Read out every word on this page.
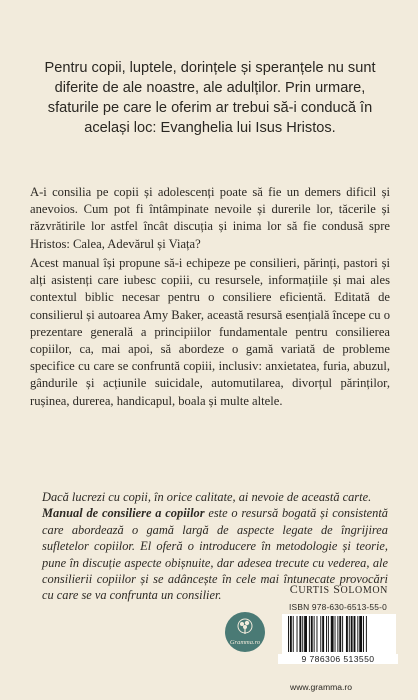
Pentru copii, luptele, dorințele și speranțele nu sunt diferite de ale noastre, ale adulților. Prin urmare, sfaturile pe care le oferim ar trebui să-i conducă în același loc: Evanghelia lui Isus Hristos.
A-i consilia pe copii și adolescenți poate să fie un demers dificil și anevoios. Cum pot fi întâmpinate nevoile și durerile lor, tăcerile și răzvrătirile lor astfel încât discuția și inima lor să fie condusă spre Hristos: Calea, Adevărul și Viața?
Acest manual își propune să-i echipeze pe consilieri, părinți, pastori și alți asistenți care iubesc copiii, cu resursele, informațiile și mai ales contextul biblic necesar pentru o consiliere eficientă. Editată de consilierul și autoarea Amy Baker, această resursă esențială începe cu o prezentare generală a principiilor fundamentale pentru consilierea copiilor, ca, mai apoi, să abordeze o gamă variată de probleme specifice cu care se confruntă copiii, inclusiv: anxietatea, furia, abuzul, gândurile și acțiunile suicidale, automutilarea, divorțul părinților, rușinea, durerea, handicapul, boala și multe altele.
Dacă lucrezi cu copii, în orice calitate, ai nevoie de această carte.
Manual de consiliere a copiilor este o resursă bogată și consistentă care abordează o gamă largă de aspecte legate de îngrijirea sufletelor copiilor. El oferă o introducere în metodologie și teorie, pune în discuție aspecte obișnuite, dar adesea trecute cu vederea, ale consilierii copiilor și se adâncește în cele mai întunecate provocări cu care se va confrunta un consilier.	CURTIS SOLOMON
Gramma.ro
ISBN 978-630-6513-55-0
9 786306 513550
www.gramma.ro
